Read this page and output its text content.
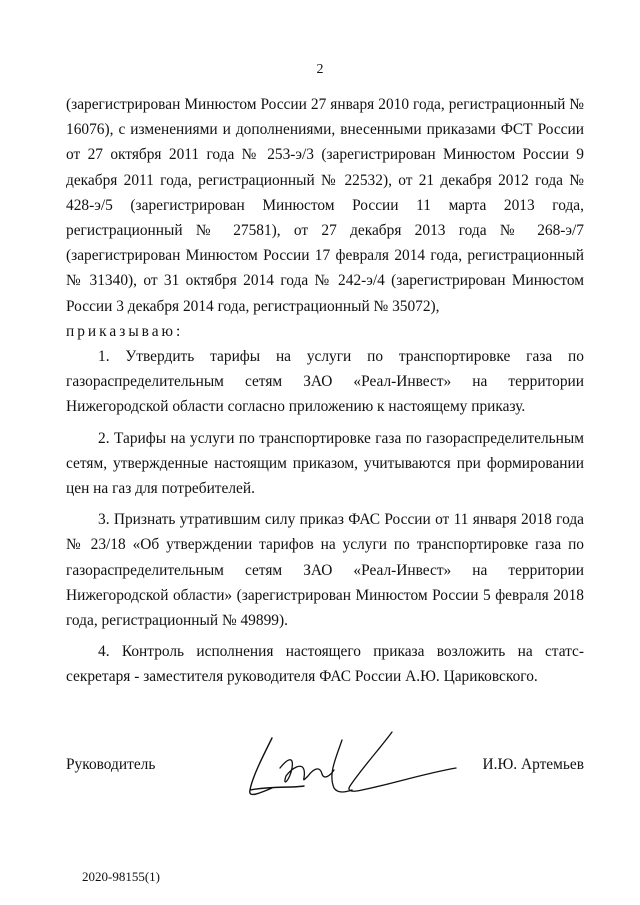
2

(зарегистрирован Минюстом России 27 января 2010 года, регистрационный № 16076), с изменениями и дополнениями, внесенными приказами ФСТ России от 27 октября 2011 года № 253-э/3 (зарегистрирован Минюстом России 9 декабря 2011 года, регистрационный № 22532), от 21 декабря 2012 года № 428-э/5 (зарегистрирован Минюстом России 11 марта 2013 года, регистрационный № 27581), от 27 декабря 2013 года № 268-э/7 (зарегистрирован Минюстом России 17 февраля 2014 года, регистрационный № 31340), от 31 октября 2014 года № 242-э/4 (зарегистрирован Минюстом России 3 декабря 2014 года, регистрационный № 35072),

приказываю:

1. Утвердить тарифы на услуги по транспортировке газа по газораспределительным сетям ЗАО «Реал-Инвест» на территории Нижегородской области согласно приложению к настоящему приказу.

2. Тарифы на услуги по транспортировке газа по газораспределительным сетям, утвержденные настоящим приказом, учитываются при формировании цен на газ для потребителей.

3. Признать утратившим силу приказ ФАС России от 11 января 2018 года № 23/18 «Об утверждении тарифов на услуги по транспортировке газа по газораспределительным сетям ЗАО «Реал-Инвест» на территории Нижегородской области» (зарегистрирован Минюстом России 5 февраля 2018 года, регистрационный № 49899).

4. Контроль исполнения настоящего приказа возложить на статс-секретаря - заместителя руководителя ФАС России А.Ю. Цариковского.

Руководитель	И.Ю. Артемьев
2020-98155(1)
